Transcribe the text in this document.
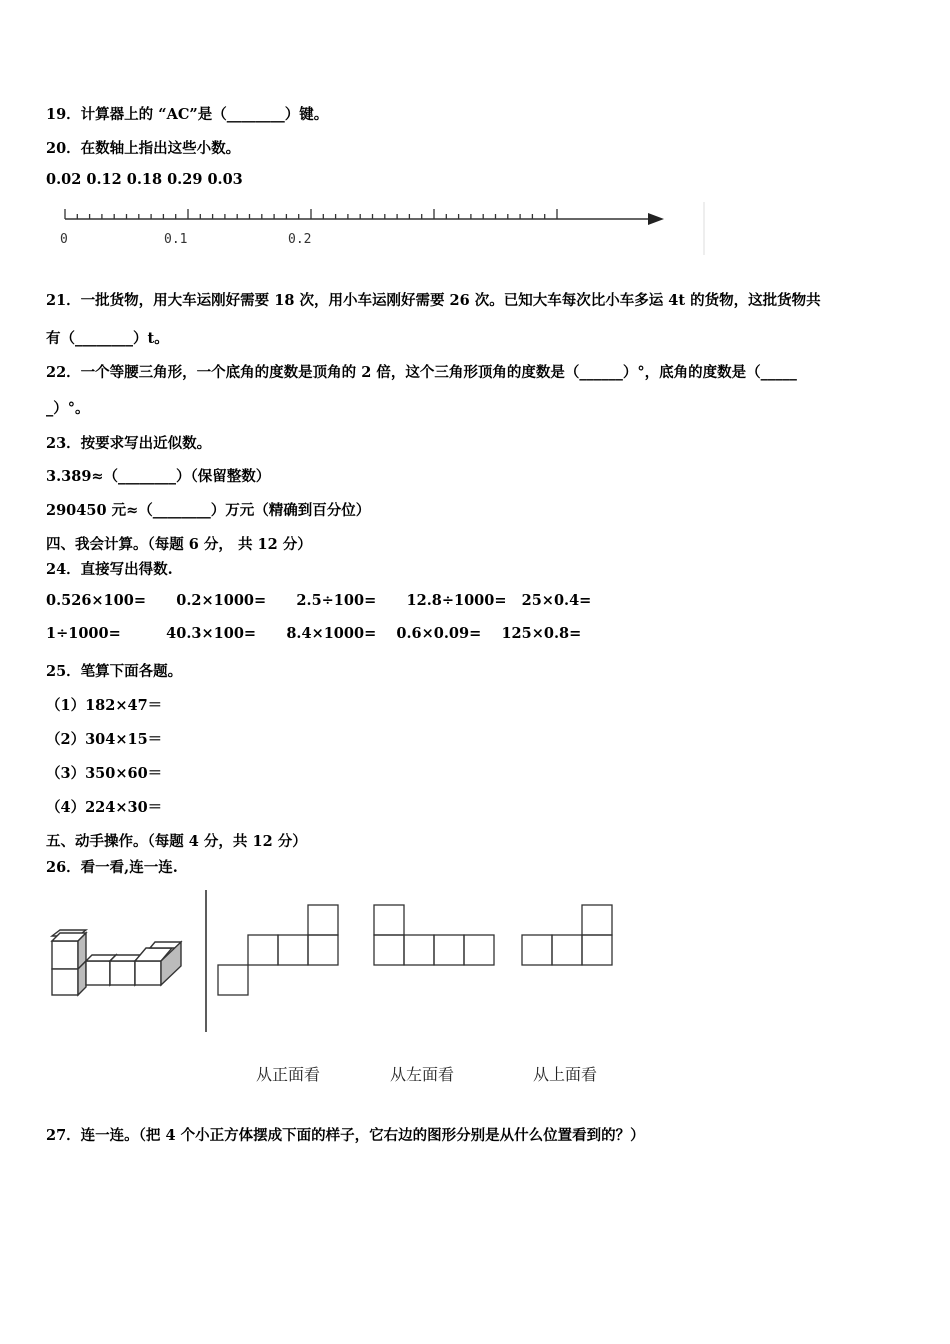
19．计算器上的 “AC”是（________）键。
20．在数轴上指出这些小数。
0.02 0.12 0.18 0.29 0.03
0	0.1	0.2
21．一批货物，用大车运刚好需要 18 次，用小车运刚好需要 26 次。已知大车每次比小车多运 4t 的货物，这批货物共
有（________）t。
22．一个等腰三角形，一个底角的度数是顶角的 2 倍，这个三角形顶角的度数是（______）°，底角的度数是（_____
_）°。
23．按要求写出近似数。
3.389≈（________）（保留整数）
290450 元≈（________）万元（精确到百分位）
四、我会计算。（每题 6 分， 共 12 分）
24．直接写出得数.
0.526×100=      0.2×1000=      2.5÷100=      12.8÷1000=   25×0.4=
1÷1000=         40.3×100=      8.4×1000=    0.6×0.09=    125×0.8=
25．笔算下面各题。
（1）182×47＝
（2）304×15＝
（3）350×60＝
（4）224×30＝
五、动手操作。（每题 4 分，共 12 分）
26．看一看,连一连.
从正面看	从左面看	从上面看
27．连一连。（把 4 个小正方体摆成下面的样子，它右边的图形分别是从什么位置看到的？）
